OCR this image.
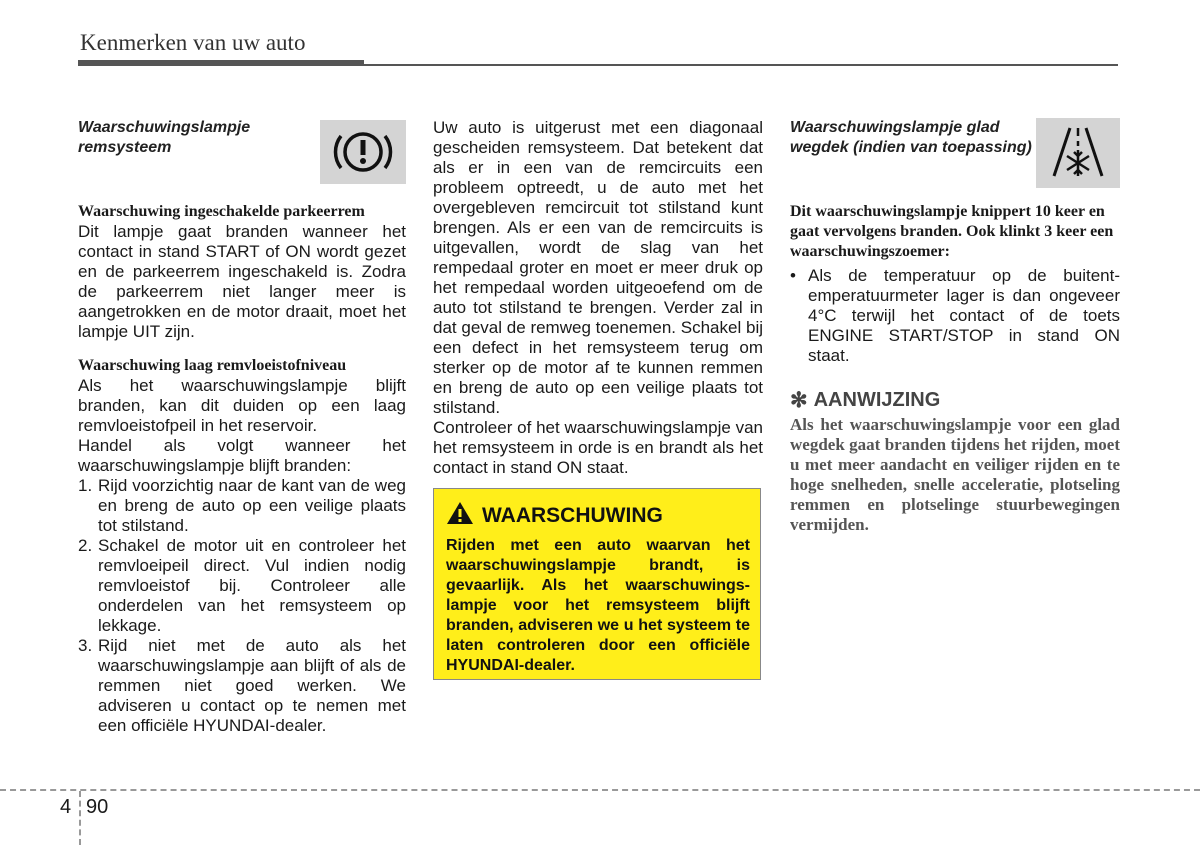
Kenmerken van uw auto
Waarschuwingslampje remsysteem

Waarschuwing ingeschakelde parkeerrem

Dit lampje gaat branden wanneer het contact in stand START of ON wordt gezet en de parkeerrem ingeschakeld is. Zodra de parkeerrem niet langer meer is aangetrokken en de motor draait, moet het lampje UIT zijn.

Waarschuwing laag remvloeistofniveau

Als het waarschuwingslampje blijft branden, kan dit duiden op een laag remvloeistofpeil in het reservoir.

Handel als volgt wanneer het waarschuwingslampje blijft branden:

1. Rijd voorzichtig naar de kant van de weg en breng de auto op een veilige plaats tot stilstand.
2. Schakel de motor uit en controleer het remvloeipeil direct. Vul indien nodig remvloeistof bij. Controleer alle onderdelen van het remsysteem op lekkage.
3. Rijd niet met de auto als het waarschuwingslampje aan blijft of als de remmen niet goed werken. We adviseren u contact op te nemen met een officiële HYUNDAI-dealer.

Uw auto is uitgerust met een diagonaal gescheiden remsysteem. Dat betekent dat als er in een van de remcircuits een probleem optreedt, u de auto met het overgebleven remcircuit tot stilstand kunt brengen. Als er een van de remcircuits is uitgevallen, wordt de slag van het rempedaal groter en moet er meer druk op het rempedaal worden uitgeoefend om de auto tot stilstand te brengen. Verder zal in dat geval de remweg toenemen. Schakel bij een defect in het remsysteem terug om sterker op de motor af te kunnen remmen en breng de auto op een veilige plaats tot stilstand.

Controleer of het waarschuwingslampje van het remsysteem in orde is en brandt als het contact in stand ON staat.

WAARSCHUWING
Rijden met een auto waarvan het waarschuwingslampje brandt, is gevaarlijk. Als het waarschuwings-lampje voor het remsysteem blijft branden, adviseren we u het systeem te laten controleren door een officiële HYUNDAI-dealer.
Waarschuwingslampje glad wegdek (indien van toepassing)

Dit waarschuwingslampje knippert 10 keer en gaat vervolgens branden. Ook klinkt 3 keer een waarschuwingszoemer:

• Als de temperatuur op de buitent-emperatuurmeter lager is dan ongeveer 4°C terwijl het contact of de toets ENGINE START/STOP in stand ON staat.
✻ AANWIJZING
Als het waarschuwingslampje voor een glad wegdek gaat branden tijdens het rijden, moet u met meer aandacht en veiliger rijden en te hoge snelheden, snelle acceleratie, plotseling remmen en plotselinge stuurbewegingen vermijden.
4 90
